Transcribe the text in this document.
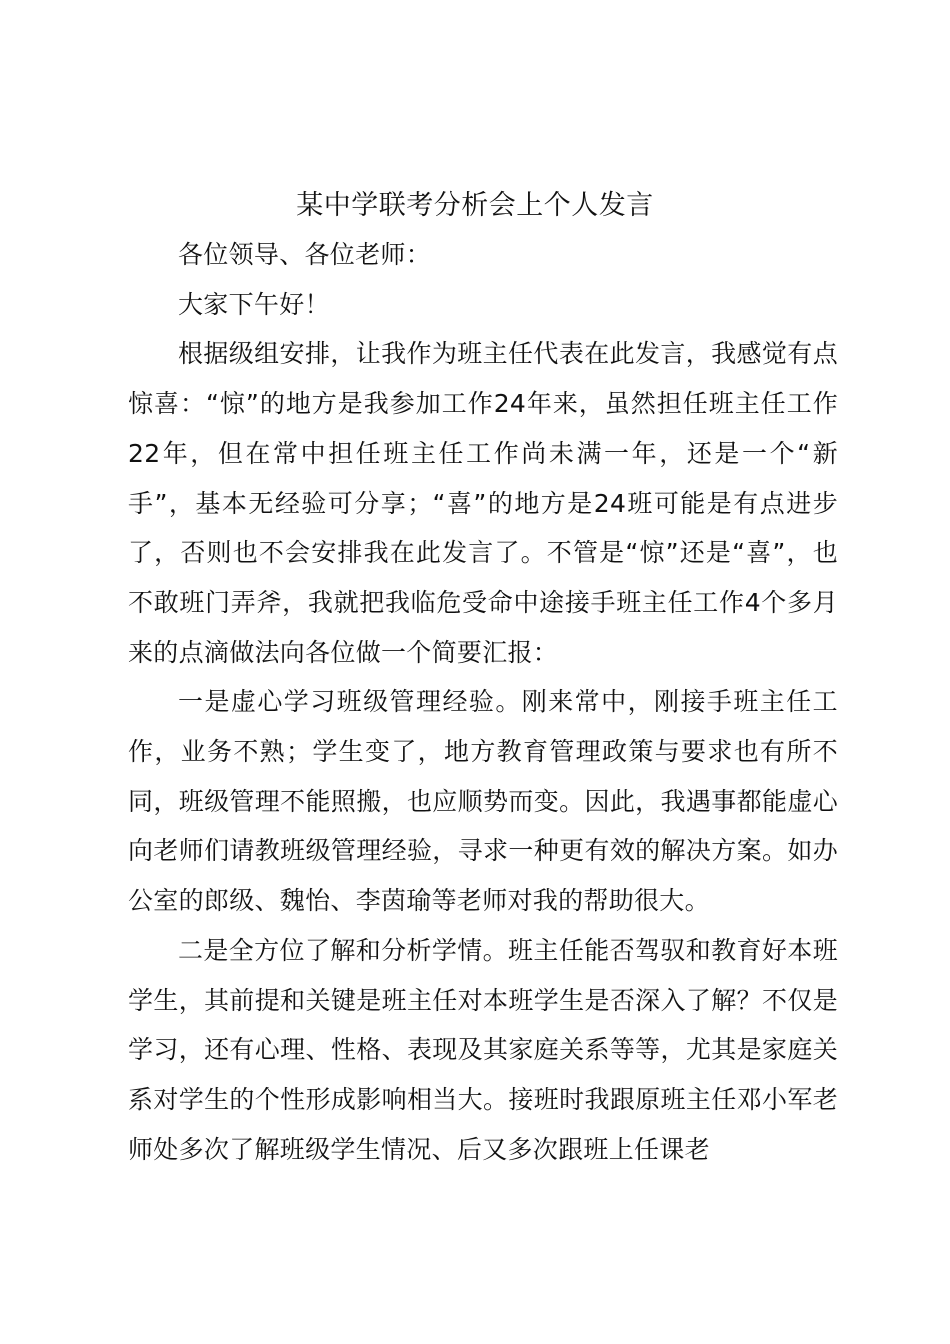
某中学联考分析会上个人发言

各位领导、各位老师：

大家下午好！

根据级组安排，让我作为班主任代表在此发言，我感觉有点惊喜：“惊”的地方是我参加工作24年来，虽然担任班主任工作22年，但在常中担任班主任工作尚未满一年，还是一个“新手”，基本无经验可分享；“喜”的地方是24班可能是有点进步了，否则也不会安排我在此发言了。不管是“惊”还是“喜”，也不敢班门弄斧，我就把我临危受命中途接手班主任工作4个多月来的点滴做法向各位做一个简要汇报：

一是虚心学习班级管理经验。刚来常中，刚接手班主任工作，业务不熟；学生变了，地方教育管理政策与要求也有所不同，班级管理不能照搬，也应顺势而变。因此，我遇事都能虚心向老师们请教班级管理经验，寻求一种更有效的解决方案。如办公室的郎级、魏怡、李茵瑜等老师对我的帮助很大。

二是全方位了解和分析学情。班主任能否驾驭和教育好本班学生，其前提和关键是班主任对本班学生是否深入了解？不仅是学习，还有心理、性格、表现及其家庭关系等等，尤其是家庭关系对学生的个性形成影响相当大。接班时我跟原班主任邓小军老师处多次了解班级学生情况、后又多次跟班上任课老
